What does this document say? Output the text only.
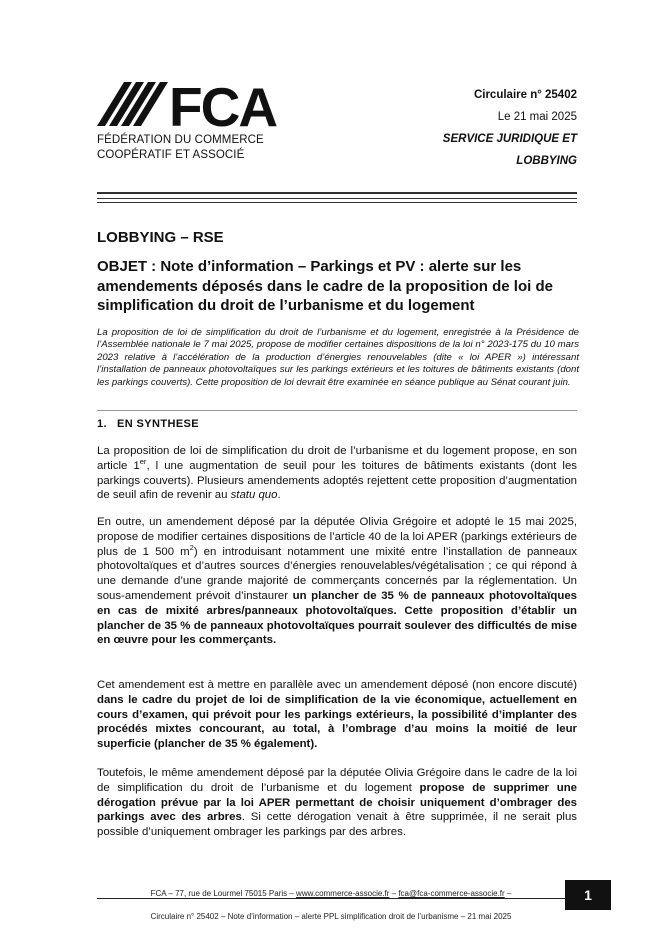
FCA
FÉDÉRATION DU COMMERCE
COOPÉRATIF ET ASSOCIÉ
Circulaire n° 25402
Le 21 mai 2025
SERVICE JURIDIQUE ET
LOBBYING
LOBBYING – RSE
OBJET : Note d’information – Parkings et PV : alerte sur les amendements déposés dans le cadre de la proposition de loi de simplification du droit de l’urbanisme et du logement
La proposition de loi de simplification du droit de l’urbanisme et du logement, enregistrée à la Présidence de l’Assemblée nationale le 7 mai 2025, propose de modifier certaines dispositions de la loi n° 2023-175 du 10 mars 2023 relative à l’accélération de la production d’énergies renouvelables (dite « loi APER ») intéressant l’installation de panneaux photovoltaïques sur les parkings extérieurs et les toitures de bâtiments existants (dont les parkings couverts). Cette proposition de loi devrait être examinée en séance publique au Sénat courant juin.
1. EN SYNTHESE
La proposition de loi de simplification du droit de l’urbanisme et du logement propose, en son article 1er, l une augmentation de seuil pour les toitures de bâtiments existants (dont les parkings couverts). Plusieurs amendements adoptés rejettent cette proposition d’augmentation de seuil afin de revenir au statu quo.
En outre, un amendement déposé par la députée Olivia Grégoire et adopté le 15 mai 2025, propose de modifier certaines dispositions de l’article 40 de la loi APER (parkings extérieurs de plus de 1 500 $m^2$) en introduisant notamment une mixité entre l’installation de panneaux photovoltaïques et d’autres sources d’énergies renouvelables/végétalisation ; ce qui répond à une demande d’une grande majorité de commerçants concernés par la réglementation. Un sous-amendement prévoit d’instaurer un plancher de 35 % de panneaux photovoltaïques en cas de mixité arbres/panneaux photovoltaïques. Cette proposition d’établir un plancher de 35 % de panneaux photovoltaïques pourrait soulever des difficultés de mise en œuvre pour les commerçants.
Cet amendement est à mettre en parallèle avec un amendement déposé (non encore discuté) dans le cadre du projet de loi de simplification de la vie économique, actuellement en cours d’examen, qui prévoit pour les parkings extérieurs, la possibilité d’implanter des procédés mixtes concourant, au total, à l’ombrage d’au moins la moitié de leur superficie (plancher de 35 % également).
Toutefois, le même amendement déposé par la députée Olivia Grégoire dans le cadre de la loi de simplification du droit de l’urbanisme et du logement propose de supprimer une dérogation prévue par la loi APER permettant de choisir uniquement d’ombrager des parkings avec des arbres. Si cette dérogation venait à être supprimée, il ne serait plus possible d’uniquement ombrager les parkings par des arbres.
FCA – 77, rue de Lourmel 75015 Paris – www.commerce-associe.fr – fca@fca-commerce-associe.fr –	1
Circulaire n° 25402 – Note d’information – alerte PPL simplification droit de l’urbanisme – 21 mai 2025
